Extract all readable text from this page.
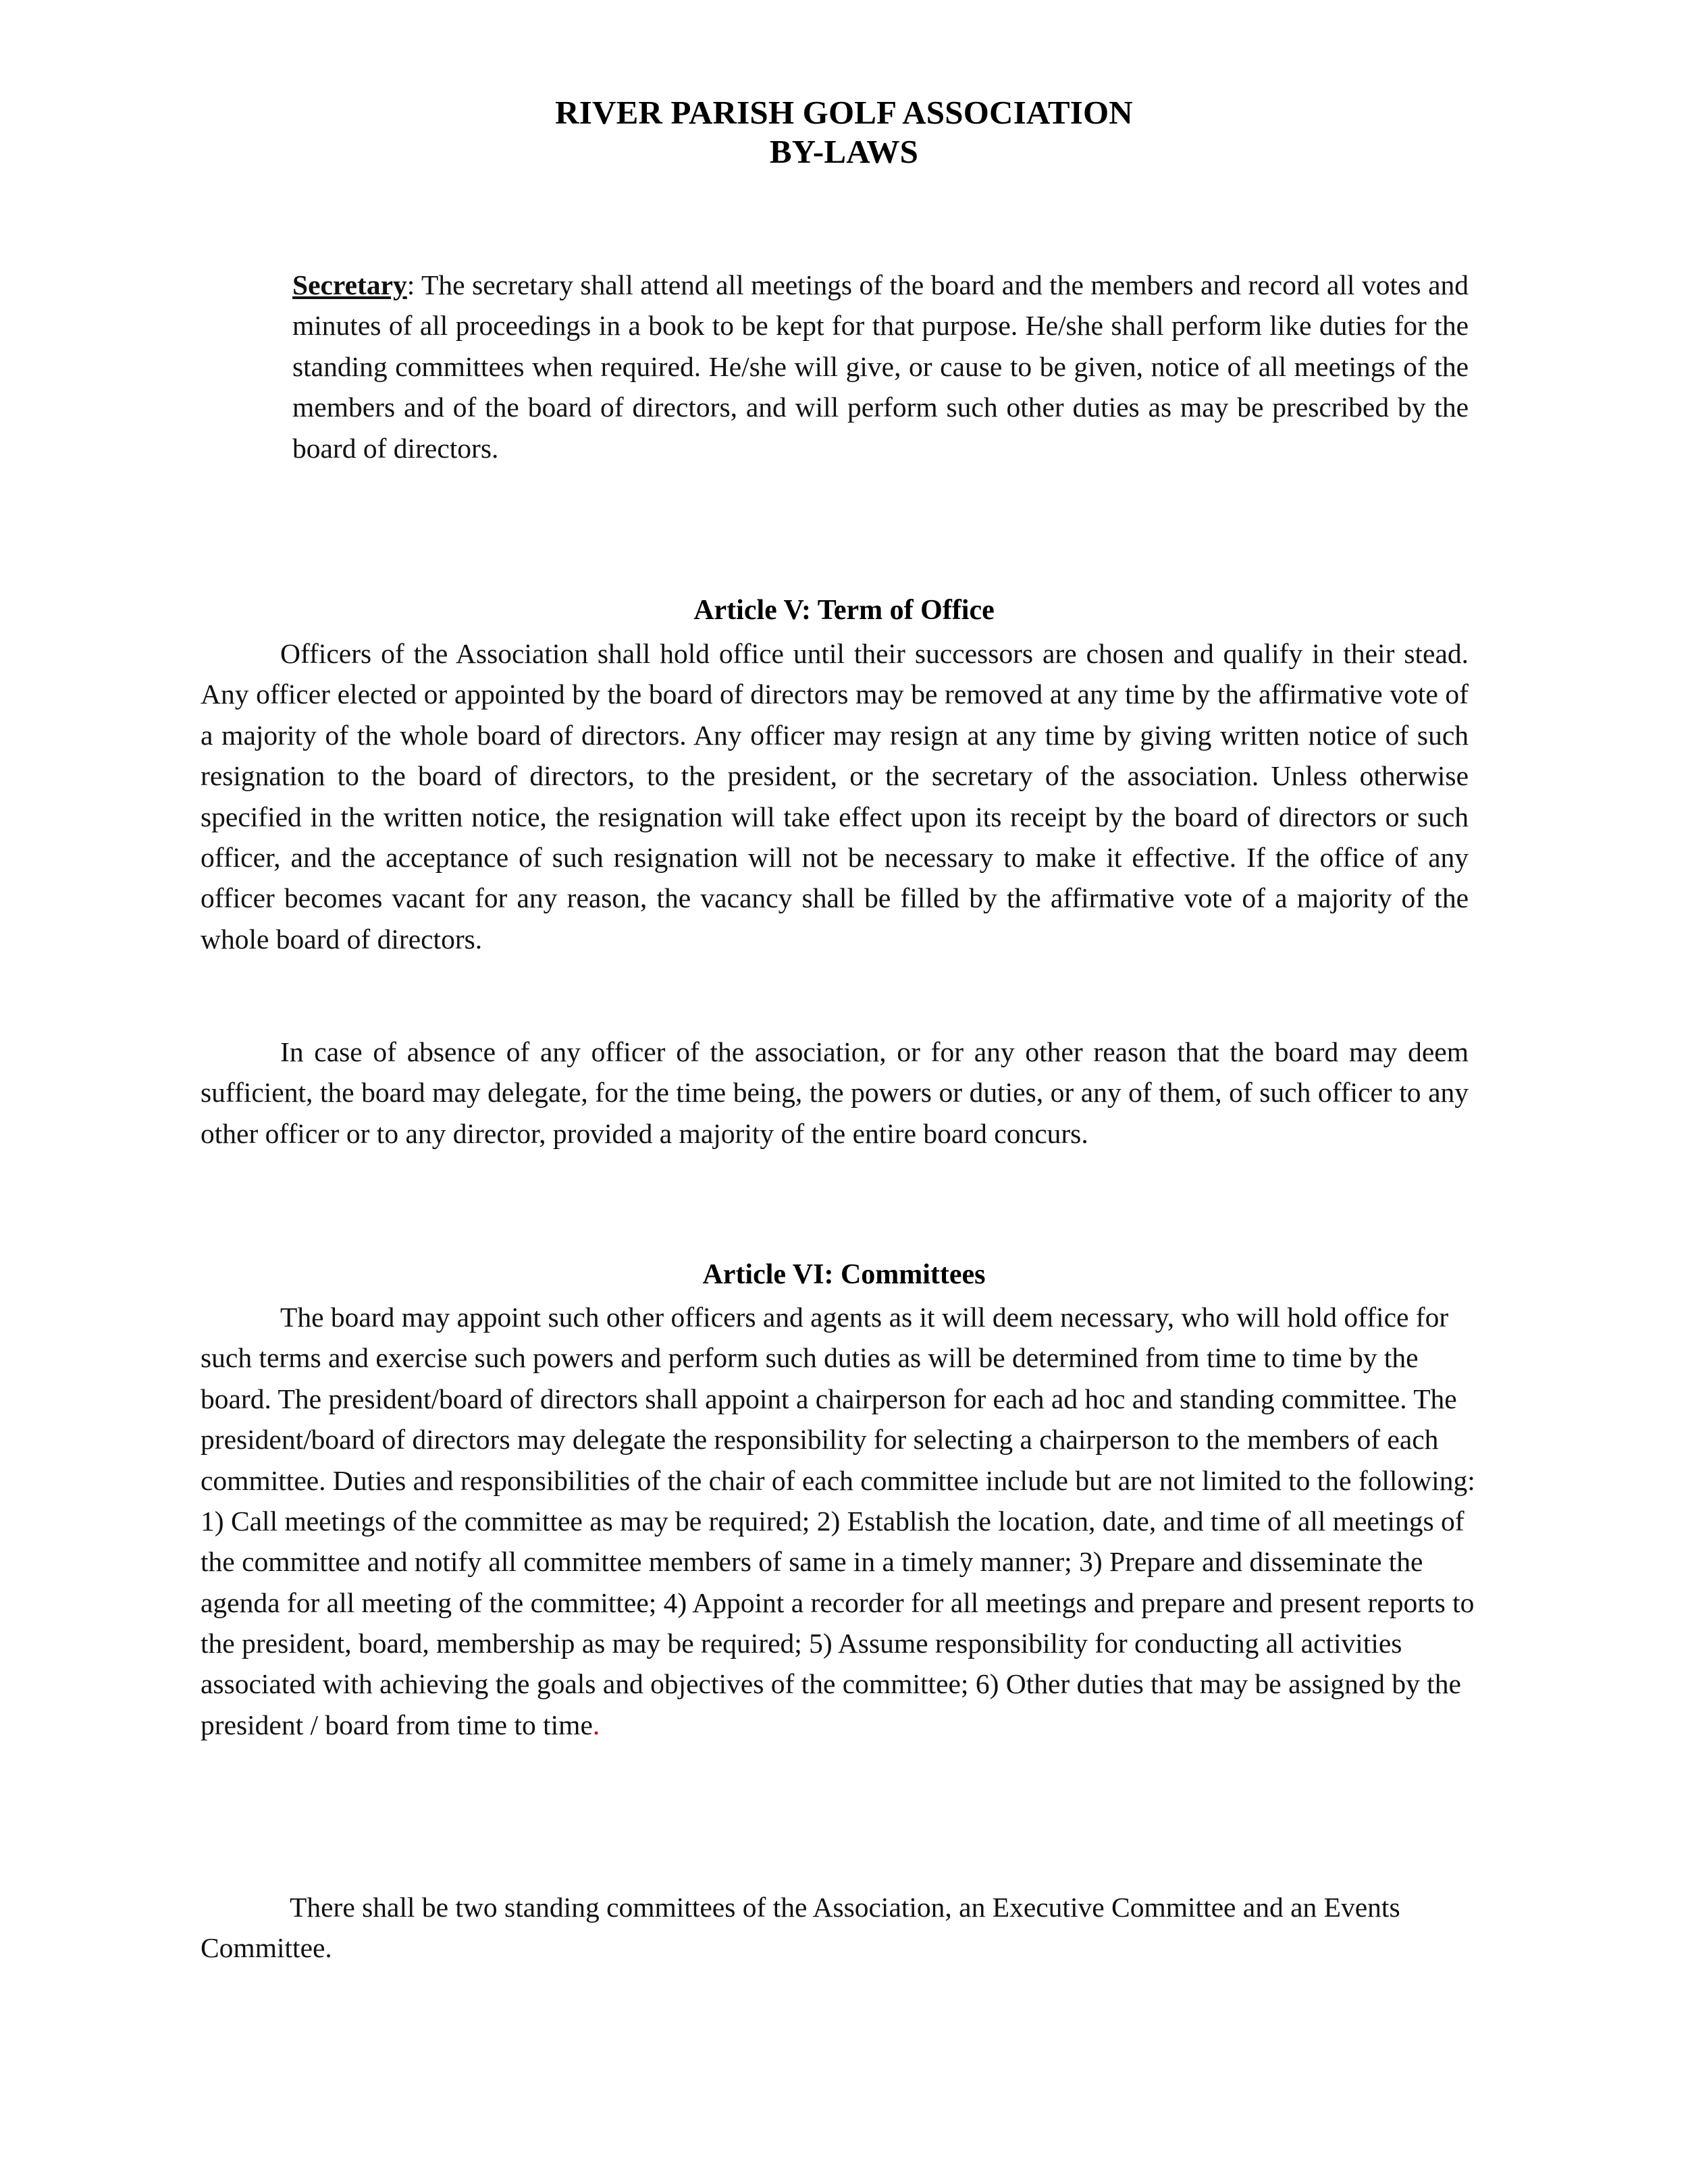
RIVER PARISH GOLF ASSOCIATION
BY-LAWS

Secretary: The secretary shall attend all meetings of the board and the members and record all votes and minutes of all proceedings in a book to be kept for that purpose. He/she shall perform like duties for the standing committees when required. He/she will give, or cause to be given, notice of all meetings of the members and of the board of directors, and will perform such other duties as may be prescribed by the board of directors.

Article V: Term of Office

Officers of the Association shall hold office until their successors are chosen and qualify in their stead. Any officer elected or appointed by the board of directors may be removed at any time by the affirmative vote of a majority of the whole board of directors. Any officer may resign at any time by giving written notice of such resignation to the board of directors, to the president, or the secretary of the association. Unless otherwise specified in the written notice, the resignation will take effect upon its receipt by the board of directors or such officer, and the acceptance of such resignation will not be necessary to make it effective. If the office of any officer becomes vacant for any reason, the vacancy shall be filled by the affirmative vote of a majority of the whole board of directors.

In case of absence of any officer of the association, or for any other reason that the board may deem sufficient, the board may delegate, for the time being, the powers or duties, or any of them, of such officer to any other officer or to any director, provided a majority of the entire board concurs.

Article VI: Committees

The board may appoint such other officers and agents as it will deem necessary, who will hold office for such terms and exercise such powers and perform such duties as will be determined from time to time by the board. The president/board of directors shall appoint a chairperson for each ad hoc and standing committee. The president/board of directors may delegate the responsibility for selecting a chairperson to the members of each committee. Duties and responsibilities of the chair of each committee include but are not limited to the following: 1) Call meetings of the committee as may be required; 2) Establish the location, date, and time of all meetings of the committee and notify all committee members of same in a timely manner; 3) Prepare and disseminate the agenda for all meeting of the committee; 4) Appoint a recorder for all meetings and prepare and present reports to the president, board, membership as may be required; 5) Assume responsibility for conducting all activities associated with achieving the goals and objectives of the committee; 6) Other duties that may be assigned by the president / board from time to time.

There shall be two standing committees of the Association, an Executive Committee and an Events Committee.
